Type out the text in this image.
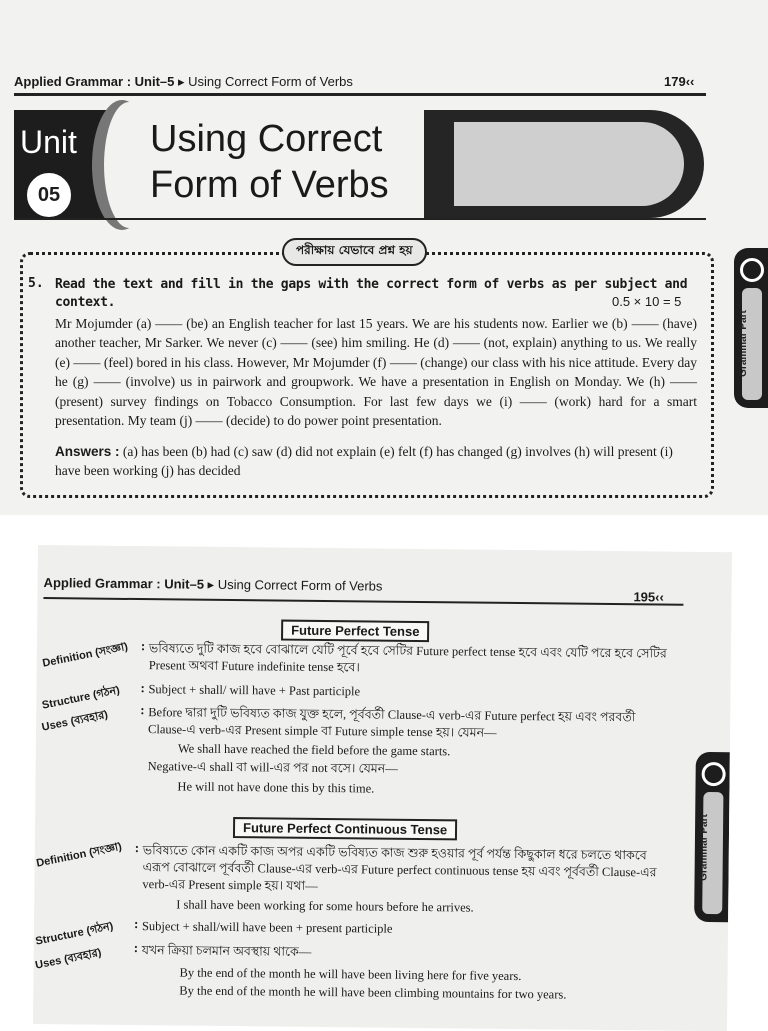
Applied Grammar : Unit–5 ▸ Using Correct Form of Verbs	179‹‹
Unit
05
Using Correct Form of Verbs
পরীক্ষায় যেভাবে প্রশ্ন হয়
5. Read the text and fill in the gaps with the correct form of verbs as per subject and context.	0.5 × 10 = 5
Mr Mojumder (a) —— (be) an English teacher for last 15 years. We are his students now. Earlier we (b) —— (have) another teacher, Mr Sarker. We never (c) —— (see) him smiling. He (d) —— (not, explain) anything to us. We really (e) —— (feel) bored in his class. However, Mr Mojumder (f) —— (change) our class with his nice attitude. Every day he (g) —— (involve) us in pairwork and groupwork. We have a presentation in English on Monday. We (h) —— (present) survey findings on Tobacco Consumption. For last few days we (i) —— (work) hard for a smart presentation. My team (j) —— (decide) to do power point presentation.
Answers : (a) has been (b) had (c) saw (d) did not explain (e) felt (f) has changed (g) involves (h) will present (i) have been working (j) has decided
Grammar Part
Applied Grammar : Unit–5 ▸ Using Correct Form of Verbs
195‹‹
Future Perfect Tense
Definition (সংজ্ঞা) : ভবিষ্যতে দুটি কাজ হবে বোঝালে যেটি পূর্বে হবে সেটির Future perfect tense হবে এবং যেটি পরে হবে সেটির Present অথবা Future indefinite tense হবে।
Structure (গঠন) : Subject + shall/ will have + Past participle
Uses (ব্যবহার) : Before দ্বারা দুটি ভবিষ্যত কাজ যুক্ত হলে, পূর্ববর্তী Clause-এ verb-এর Future perfect হয় এবং পরবর্তী Clause-এ verb-এর Present simple বা Future simple tense হয়। যেমন—
We shall have reached the field before the game starts.
Negative-এ shall বা will-এর পর not বসে। যেমন—
He will not have done this by this time.
Future Perfect Continuous Tense
Definition (সংজ্ঞা) : ভবিষ্যতে কোন একটি কাজ অপর একটি ভবিষ্যত কাজ শুরু হওয়ার পূর্ব পর্যন্ত কিছুকাল ধরে চলতে থাকবে এরূপ বোঝালে পূর্ববর্তী Clause-এর verb-এর Future perfect continuous tense হয় এবং পূর্ববর্তী Clause-এর verb-এর Present simple হয়। যথা—
I shall have been working for some hours before he arrives.
Structure (গঠন) : Subject + shall/will have been + present participle
Uses (ব্যবহার) : যখন ক্রিয়া চলমান অবস্থায় থাকে—
By the end of the month he will have been living here for five years.
By the end of the month he will have been climbing mountains for two years.
Grammar Part
